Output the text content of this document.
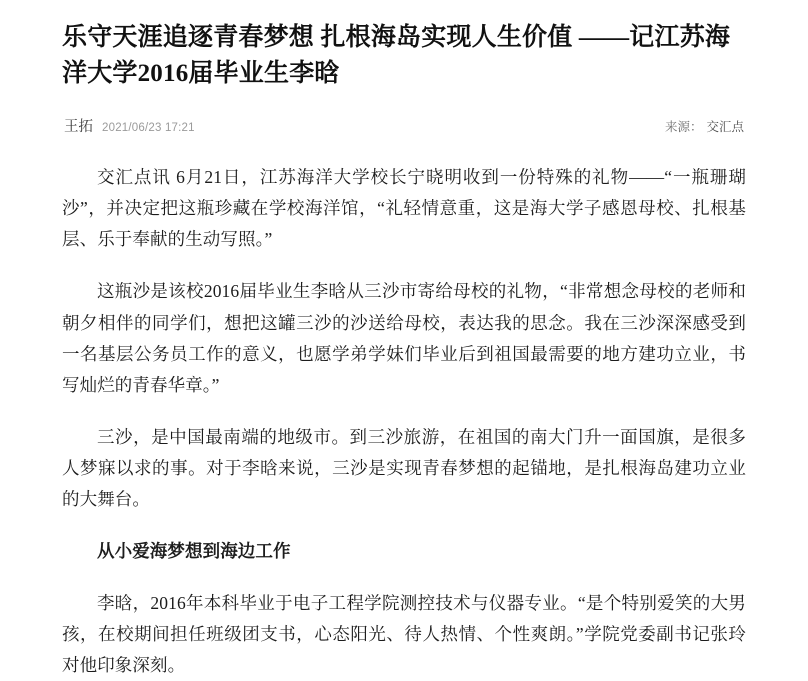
乐守天涯追逐青春梦想 扎根海岛实现人生价值 ——记江苏海洋大学2016届毕业生李晗
王拓 2021/06/23 17:21	来源： 交汇点

交汇点讯 6月21日，江苏海洋大学校长宁晓明收到一份特殊的礼物——“一瓶珊瑚沙”，并决定把这瓶珍藏在学校海洋馆，“礼轻情意重，这是海大学子感恩母校、扎根基层、乐于奉献的生动写照。”

这瓶沙是该校2016届毕业生李晗从三沙市寄给母校的礼物，“非常想念母校的老师和朝夕相伴的同学们，想把这罐三沙的沙送给母校，表达我的思念。我在三沙深深感受到一名基层公务员工作的意义，也愿学弟学妹们毕业后到祖国最需要的地方建功立业，书写灿烂的青春华章。”

三沙，是中国最南端的地级市。到三沙旅游，在祖国的南大门升一面国旗，是很多人梦寐以求的事。对于李晗来说，三沙是实现青春梦想的起锚地，是扎根海岛建功立业的大舞台。

从小爱海梦想到海边工作

李晗，2016年本科毕业于电子工程学院测控技术与仪器专业。“是个特别爱笑的大男孩，在校期间担任班级团支书，心态阳光、待人热情、个性爽朗。”学院党委副书记张玲对他印象深刻。
